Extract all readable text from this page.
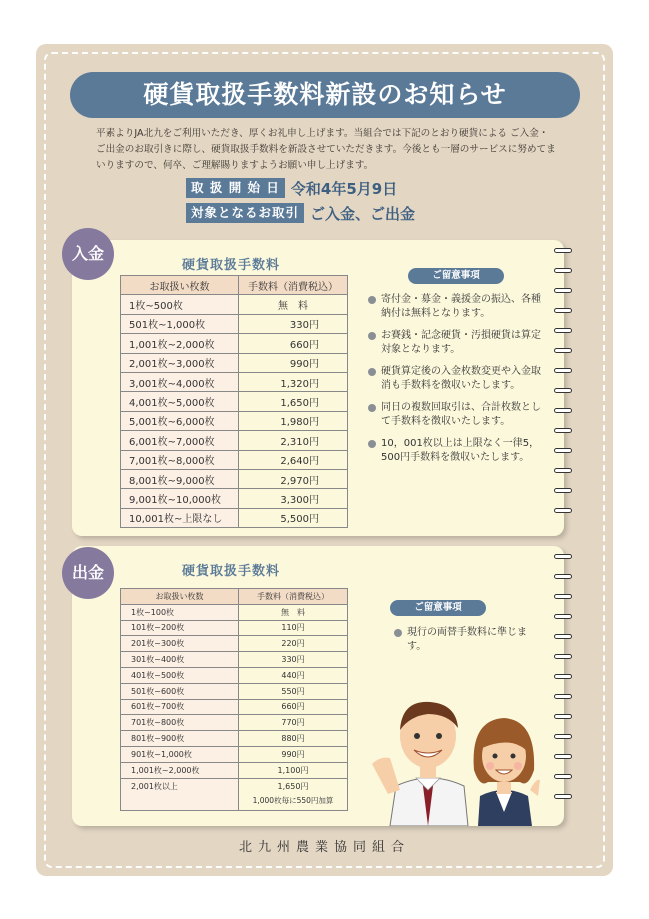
硬貨取扱手数料新設のお知らせ

平素よりJA北九をご利用いただき、厚くお礼申し上げます。当組合では下記のとおり硬貨による ご入金・ご出金のお取引きに際し、硬貨取扱手数料を新設させていただきます。今後とも一層のサービスに努めてまいりますので、何卒、ご理解賜りますようお願い申し上げます。

取 扱 開 始 日 令和4年5月9日
対象となるお取引 ご入金、ご出金
入金
硬貨取扱手数料
お取扱い枚数	手数料（消費税込）
1枚~500枚	無　料
501枚~1,000枚	330円
1,001枚~2,000枚	660円
2,001枚~3,000枚	990円
3,001枚~4,000枚	1,320円
4,001枚~5,000枚	1,650円
5,001枚~6,000枚	1,980円
6,001枚~7,000枚	2,310円
7,001枚~8,000枚	2,640円
8,001枚~9,000枚	2,970円
9,001枚~10,000枚	3,300円
10,001枚~上限なし	5,500円
ご留意事項
寄付金・募金・義援金の振込、各種納付は無料となります。
お賽銭・記念硬貨・汚損硬貨は算定対象となります。
硬貨算定後の入金枚数変更や入金取消も手数料を徴収いたします。
同日の複数回取引は、合計枚数として手数料を徴収いたします。
10，001枚以上は上限なく一律5，500円手数料を徴収いたします。
出金	硬貨取扱手数料
お取扱い枚数	手数料（消費税込）
1枚~100枚	無　料
101枚~200枚	110円
201枚~300枚	220円
301枚~400枚	330円
401枚~500枚	440円
501枚~600枚	550円
601枚~700枚	660円
701枚~800枚	770円
801枚~900枚	880円
901枚~1,000枚	990円
1,001枚~2,000枚	1,100円
2,001枚以上	1,650円
1,000枚毎に550円加算
ご留意事項
現行の両替手数料に準じます。
北九州農業協同組合
